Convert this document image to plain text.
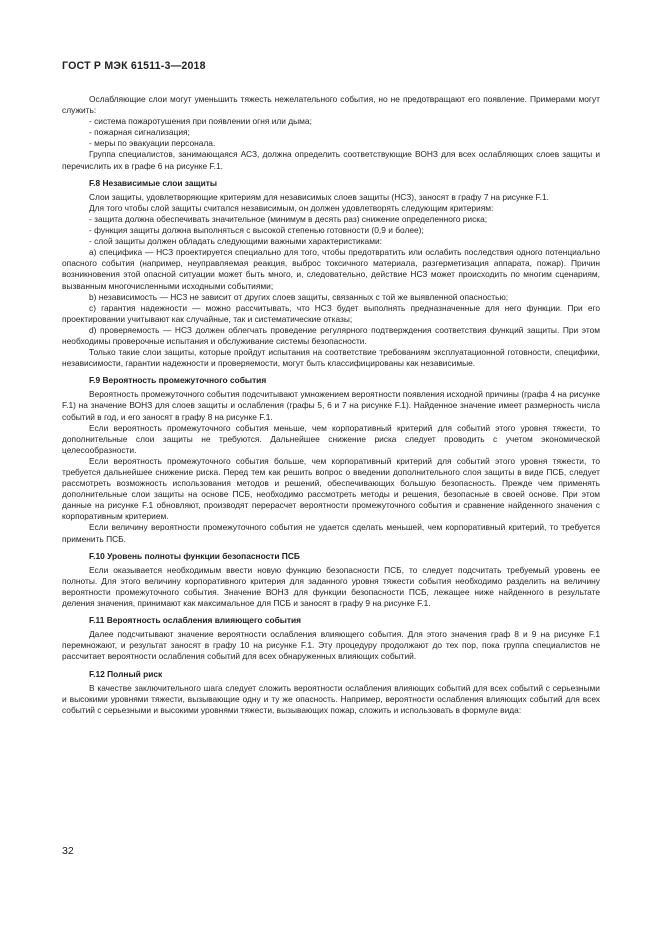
ГОСТ Р МЭК 61511-3—2018

Ослабляющие слои могут уменьшить тяжесть нежелательного события, но не предотвращают его появление. Примерами могут служить:

- система пожаротушения при появлении огня или дыма;

- пожарная сигнализация;

- меры по эвакуации персонала.

Группа специалистов, занимающаяся АСЗ, должна определить соответствующие ВОНЗ для всех ослабляющих слоев защиты и перечислить их в графе 6 на рисунке F.1.

F.8 Независимые слои защиты

Слои защиты, удовлетворяющие критериям для независимых слоев защиты (НСЗ), заносят в графу 7 на рисунке F.1.

Для того чтобы слой защиты считался независимым, он должен удовлетворять следующим критериям:

- защита должна обеспечивать значительное (минимум в десять раз) снижение определенного риска;

- функция защиты должна выполняться с высокой степенью готовности (0,9 и более);

- слой защиты должен обладать следующими важными характеристиками:

a) специфика — НСЗ проектируется специально для того, чтобы предотвратить или ослабить последствия одного потенциально опасного события (например, неуправляемая реакция, выброс токсичного материала, разгерметизация аппарата, пожар). Причин возникновения этой опасной ситуации может быть много, и, следовательно, действие НСЗ может происходить по многим сценариям, вызванным многочисленными исходными событиями;

b) независимость — НСЗ не зависит от других слоев защиты, связанных с той же выявленной опасностью;

c) гарантия надежности — можно рассчитывать, что НСЗ будет выполнять предназначенные для него функции. При его проектировании учитывают как случайные, так и систематические отказы;

d) проверяемость — НСЗ должен облегчать проведение регулярного подтверждения соответствия функций защиты. При этом необходимы проверочные испытания и обслуживание системы безопасности.

Только такие слои защиты, которые пройдут испытания на соответствие требованиям эксплуатационной готовности, специфики, независимости, гарантии надежности и проверяемости, могут быть классифицированы как независимые.

F.9 Вероятность промежуточного события

Вероятность промежуточного события подсчитывают умножением вероятности появления исходной причины (графа 4 на рисунке F.1) на значение ВОНЗ для слоев защиты и ослабления (графы 5, 6 и 7 на рисунке F.1). Найденное значение имеет размерность числа событий в год, и его заносят в графу 8 на рисунке F.1.

Если вероятность промежуточного события меньше, чем корпоративный критерий для событий этого уровня тяжести, то дополнительные слои защиты не требуются. Дальнейшее снижение риска следует проводить с учетом экономической целесообразности.

Если вероятность промежуточного события больше, чем корпоративный критерий для событий этого уровня тяжести, то требуется дальнейшее снижение риска. Перед тем как решить вопрос о введении дополнительного слоя защиты в виде ПСБ, следует рассмотреть возможность использования методов и решений, обеспечивающих большую безопасность. Прежде чем применять дополнительные слои защиты на основе ПСБ, необходимо рассмотреть методы и решения, безопасные в своей основе. При этом данные на рисунке F.1 обновляют, производят перерасчет вероятности промежуточного события и сравнение найденного значения с корпоративным критерием.

Если величину вероятности промежуточного события не удается сделать меньшей, чем корпоративный критерий, то требуется применить ПСБ.

F.10 Уровень полноты функции безопасности ПСБ

Если оказывается необходимым ввести новую функцию безопасности ПСБ, то следует подсчитать требуемый уровень ее полноты. Для этого величину корпоративного критерия для заданного уровня тяжести события необходимо разделить на величину вероятности промежуточного события. Значение ВОНЗ для функции безопасности ПСБ, лежащее ниже найденного в результате деления значения, принимают как максимальное для ПСБ и заносят в графу 9 на рисунке F.1.

F.11 Вероятность ослабления влияющего события

Далее подсчитывают значение вероятности ослабления влияющего события. Для этого значения граф 8 и 9 на рисунке F.1 перемножают, и результат заносят в графу 10 на рисунке F.1. Эту процедуру продолжают до тех пор, пока группа специалистов не рассчитает вероятности ослабления событий для всех обнаруженных влияющих событий.

F.12 Полный риск

В качестве заключительного шага следует сложить вероятности ослабления влияющих событий для всех событий с серьезными и высокими уровнями тяжести, вызывающие одну и ту же опасность. Например, вероятности ослабления влияющих событий для всех событий с серьезными и высокими уровнями тяжести, вызывающих пожар, сложить и использовать в формуле вида:

32
